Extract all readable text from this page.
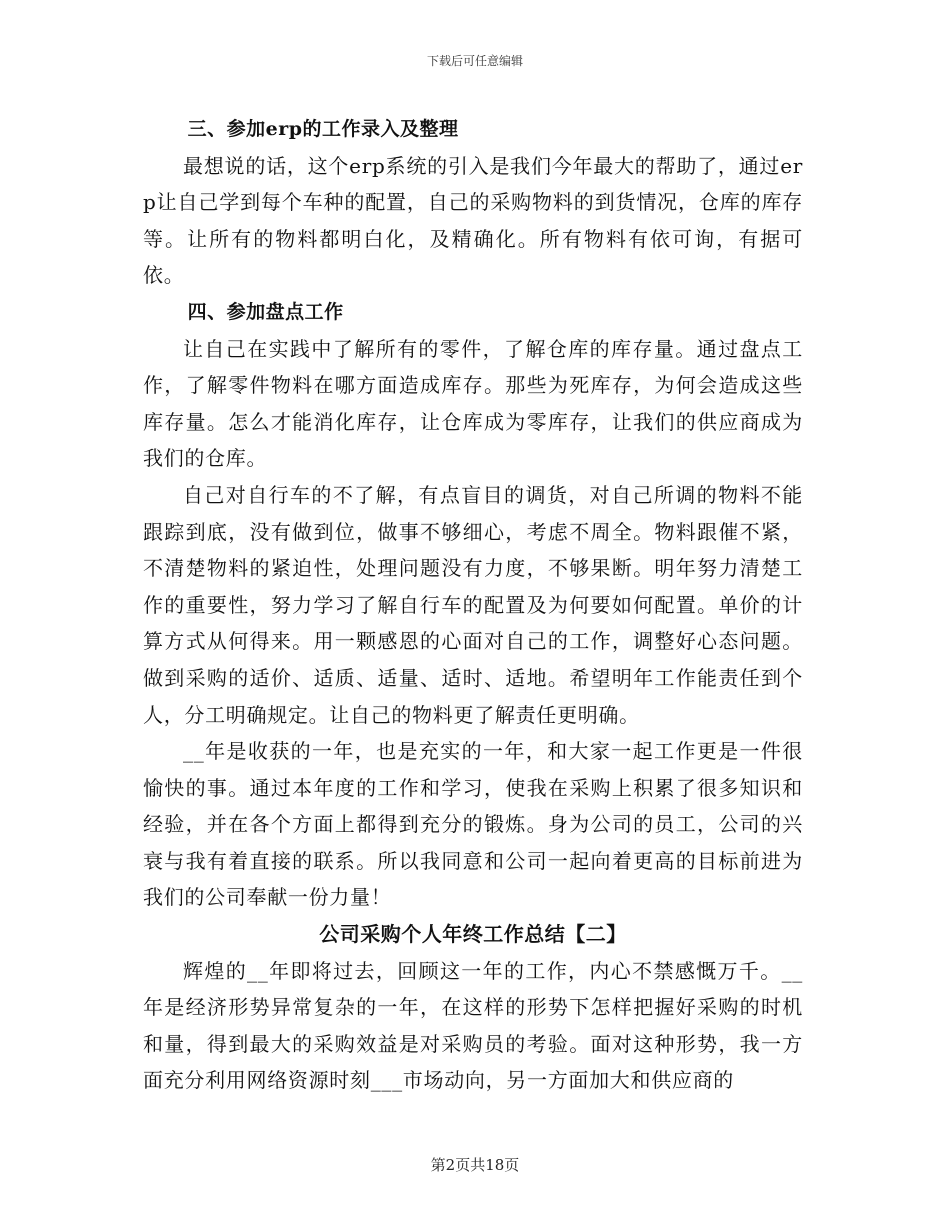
下载后可任意编辑

三、参加erp的工作录入及整理

最想说的话，这个erp系统的引入是我们今年最大的帮助了，通过erp让自己学到每个车种的配置，自己的采购物料的到货情况，仓库的库存等。让所有的物料都明白化，及精确化。所有物料有依可询，有据可依。

四、参加盘点工作

让自己在实践中了解所有的零件，了解仓库的库存量。通过盘点工作，了解零件物料在哪方面造成库存。那些为死库存，为何会造成这些库存量。怎么才能消化库存，让仓库成为零库存，让我们的供应商成为我们的仓库。

自己对自行车的不了解，有点盲目的调货，对自己所调的物料不能跟踪到底，没有做到位，做事不够细心，考虑不周全。物料跟催不紧，不清楚物料的紧迫性，处理问题没有力度，不够果断。明年努力清楚工作的重要性，努力学习了解自行车的配置及为何要如何配置。单价的计算方式从何得来。用一颗感恩的心面对自己的工作，调整好心态问题。做到采购的适价、适质、适量、适时、适地。希望明年工作能责任到个人，分工明确规定。让自己的物料更了解责任更明确。

__年是收获的一年，也是充实的一年，和大家一起工作更是一件很愉快的事。通过本年度的工作和学习，使我在采购上积累了很多知识和经验，并在各个方面上都得到充分的锻炼。身为公司的员工，公司的兴衰与我有着直接的联系。所以我同意和公司一起向着更高的目标前进为我们的公司奉献一份力量！

公司采购个人年终工作总结【二】

辉煌的__年即将过去，回顾这一年的工作，内心不禁感慨万千。__年是经济形势异常复杂的一年，在这样的形势下怎样把握好采购的时机和量，得到最大的采购效益是对采购员的考验。面对这种形势，我一方面充分利用网络资源时刻___市场动向，另一方面加大和供应商的

第2页共18页
